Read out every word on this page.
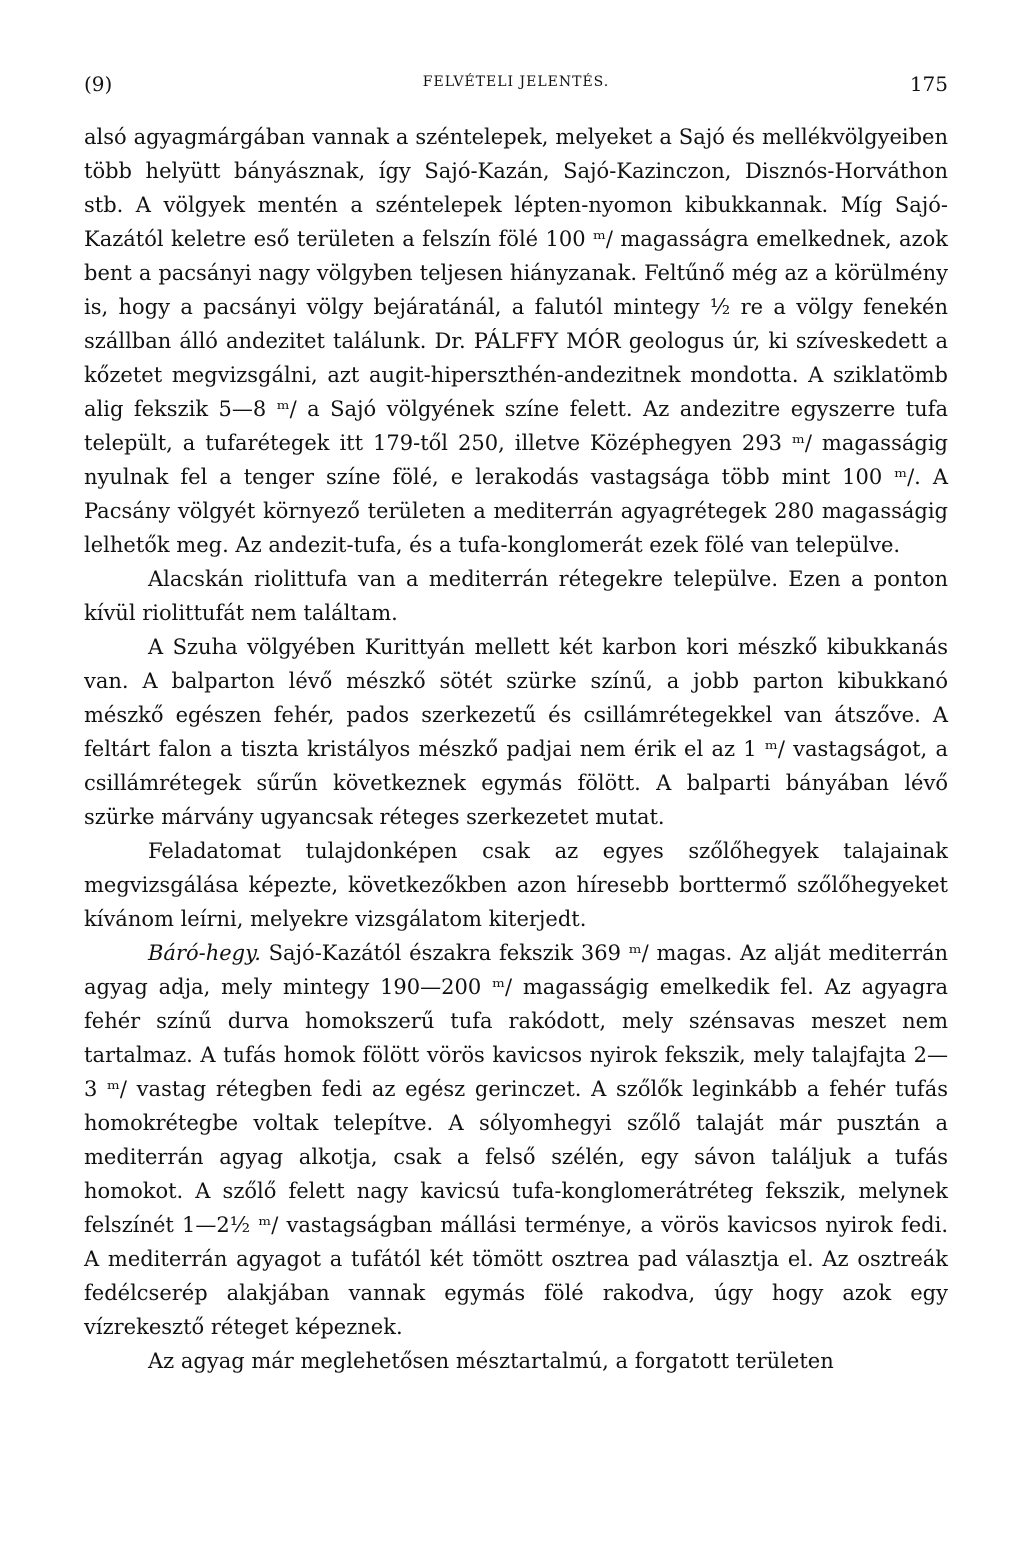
(9)	FELVÉTELI JELENTÉS.	175

alsó agyagmárgában vannak a széntelepek, melyeket a Sajó és mellékvölgyeiben több helyütt bányásznak, így Sajó-Kazán, Sajó-Kazinczon, Disznós-Horváthon stb. A völgyek mentén a széntelepek lépten-nyomon kibukkannak. Míg Sajó-Kazától keletre eső területen a felszín fölé 100 ᵐ/ magasságra emelkednek, azok bent a pacsányi nagy völgyben teljesen hiányzanak. Feltűnő még az a körülmény is, hogy a pacsányi völgy bejáratánál, a falutól mintegy ½ re a völgy fenekén szállban álló andezitet találunk. Dr. PÁLFFY MÓR geologus úr, ki szíveskedett a kőzetet megvizsgálni, azt augit-hiperszthén-andezitnek mondotta. A sziklatömb alig fekszik 5—8 ᵐ/ a Sajó völgyének színe felett. Az andezitre egyszerre tufa települt, a tufarétegek itt 179-től 250, illetve Középhegyen 293 ᵐ/ magasságig nyulnak fel a tenger színe fölé, e lerakodás vastagsága több mint 100 ᵐ/. A Pacsány völgyét környező területen a mediterrán agyagrétegek 280 magasságig lelhetők meg. Az andezit-tufa, és a tufa-konglomerát ezek fölé van települve.

Alacskán riolittufa van a mediterrán rétegekre települve. Ezen a ponton kívül riolittufát nem találtam.

A Szuha völgyében Kurittyán mellett két karbon kori mészkő kibukkanás van. A balparton lévő mészkő sötét szürke színű, a jobb parton kibukkanó mészkő egészen fehér, pados szerkezetű és csillámrétegekkel van átszőve. A feltárt falon a tiszta kristályos mészkő padjai nem érik el az 1 ᵐ/ vastagságot, a csillámrétegek sűrűn következnek egymás fölött. A balparti bányában lévő szürke márvány ugyancsak réteges szerkezetet mutat.

Feladatomat tulajdonképen csak az egyes szőlőhegyek talajainak megvizsgálása képezte, következőkben azon híresebb borttermő szőlőhegyeket kívánom leírni, melyekre vizsgálatom kiterjedt.

Báró-hegy. Sajó-Kazától északra fekszik 369 ᵐ/ magas. Az alját mediterrán agyag adja, mely mintegy 190—200 ᵐ/ magasságig emelkedik fel. Az agyagra fehér színű durva homokszerű tufa rakódott, mely szénsavas meszet nem tartalmaz. A tufás homok fölött vörös kavicsos nyirok fekszik, mely talajfajta 2—3 ᵐ/ vastag rétegben fedi az egész gerinczet. A szőlők leginkább a fehér tufás homokrétegbe voltak telepítve. A sólyomhegyi szőlő talaját már pusztán a mediterrán agyag alkotja, csak a felső szélén, egy sávon találjuk a tufás homokot. A szőlő felett nagy kavicsú tufa-konglomerátréteg fekszik, melynek felszínét 1—2½ ᵐ/ vastagságban mállási terménye, a vörös kavicsos nyirok fedi. A mediterrán agyagot a tufától két tömött osztrea pad választja el. Az osztreák fedélcserép alakjában vannak egymás fölé rakodva, úgy hogy azok egy vízrekesztő réteget képeznek.

Az agyag már meglehetősen mésztartalmú, a forgatott területen
